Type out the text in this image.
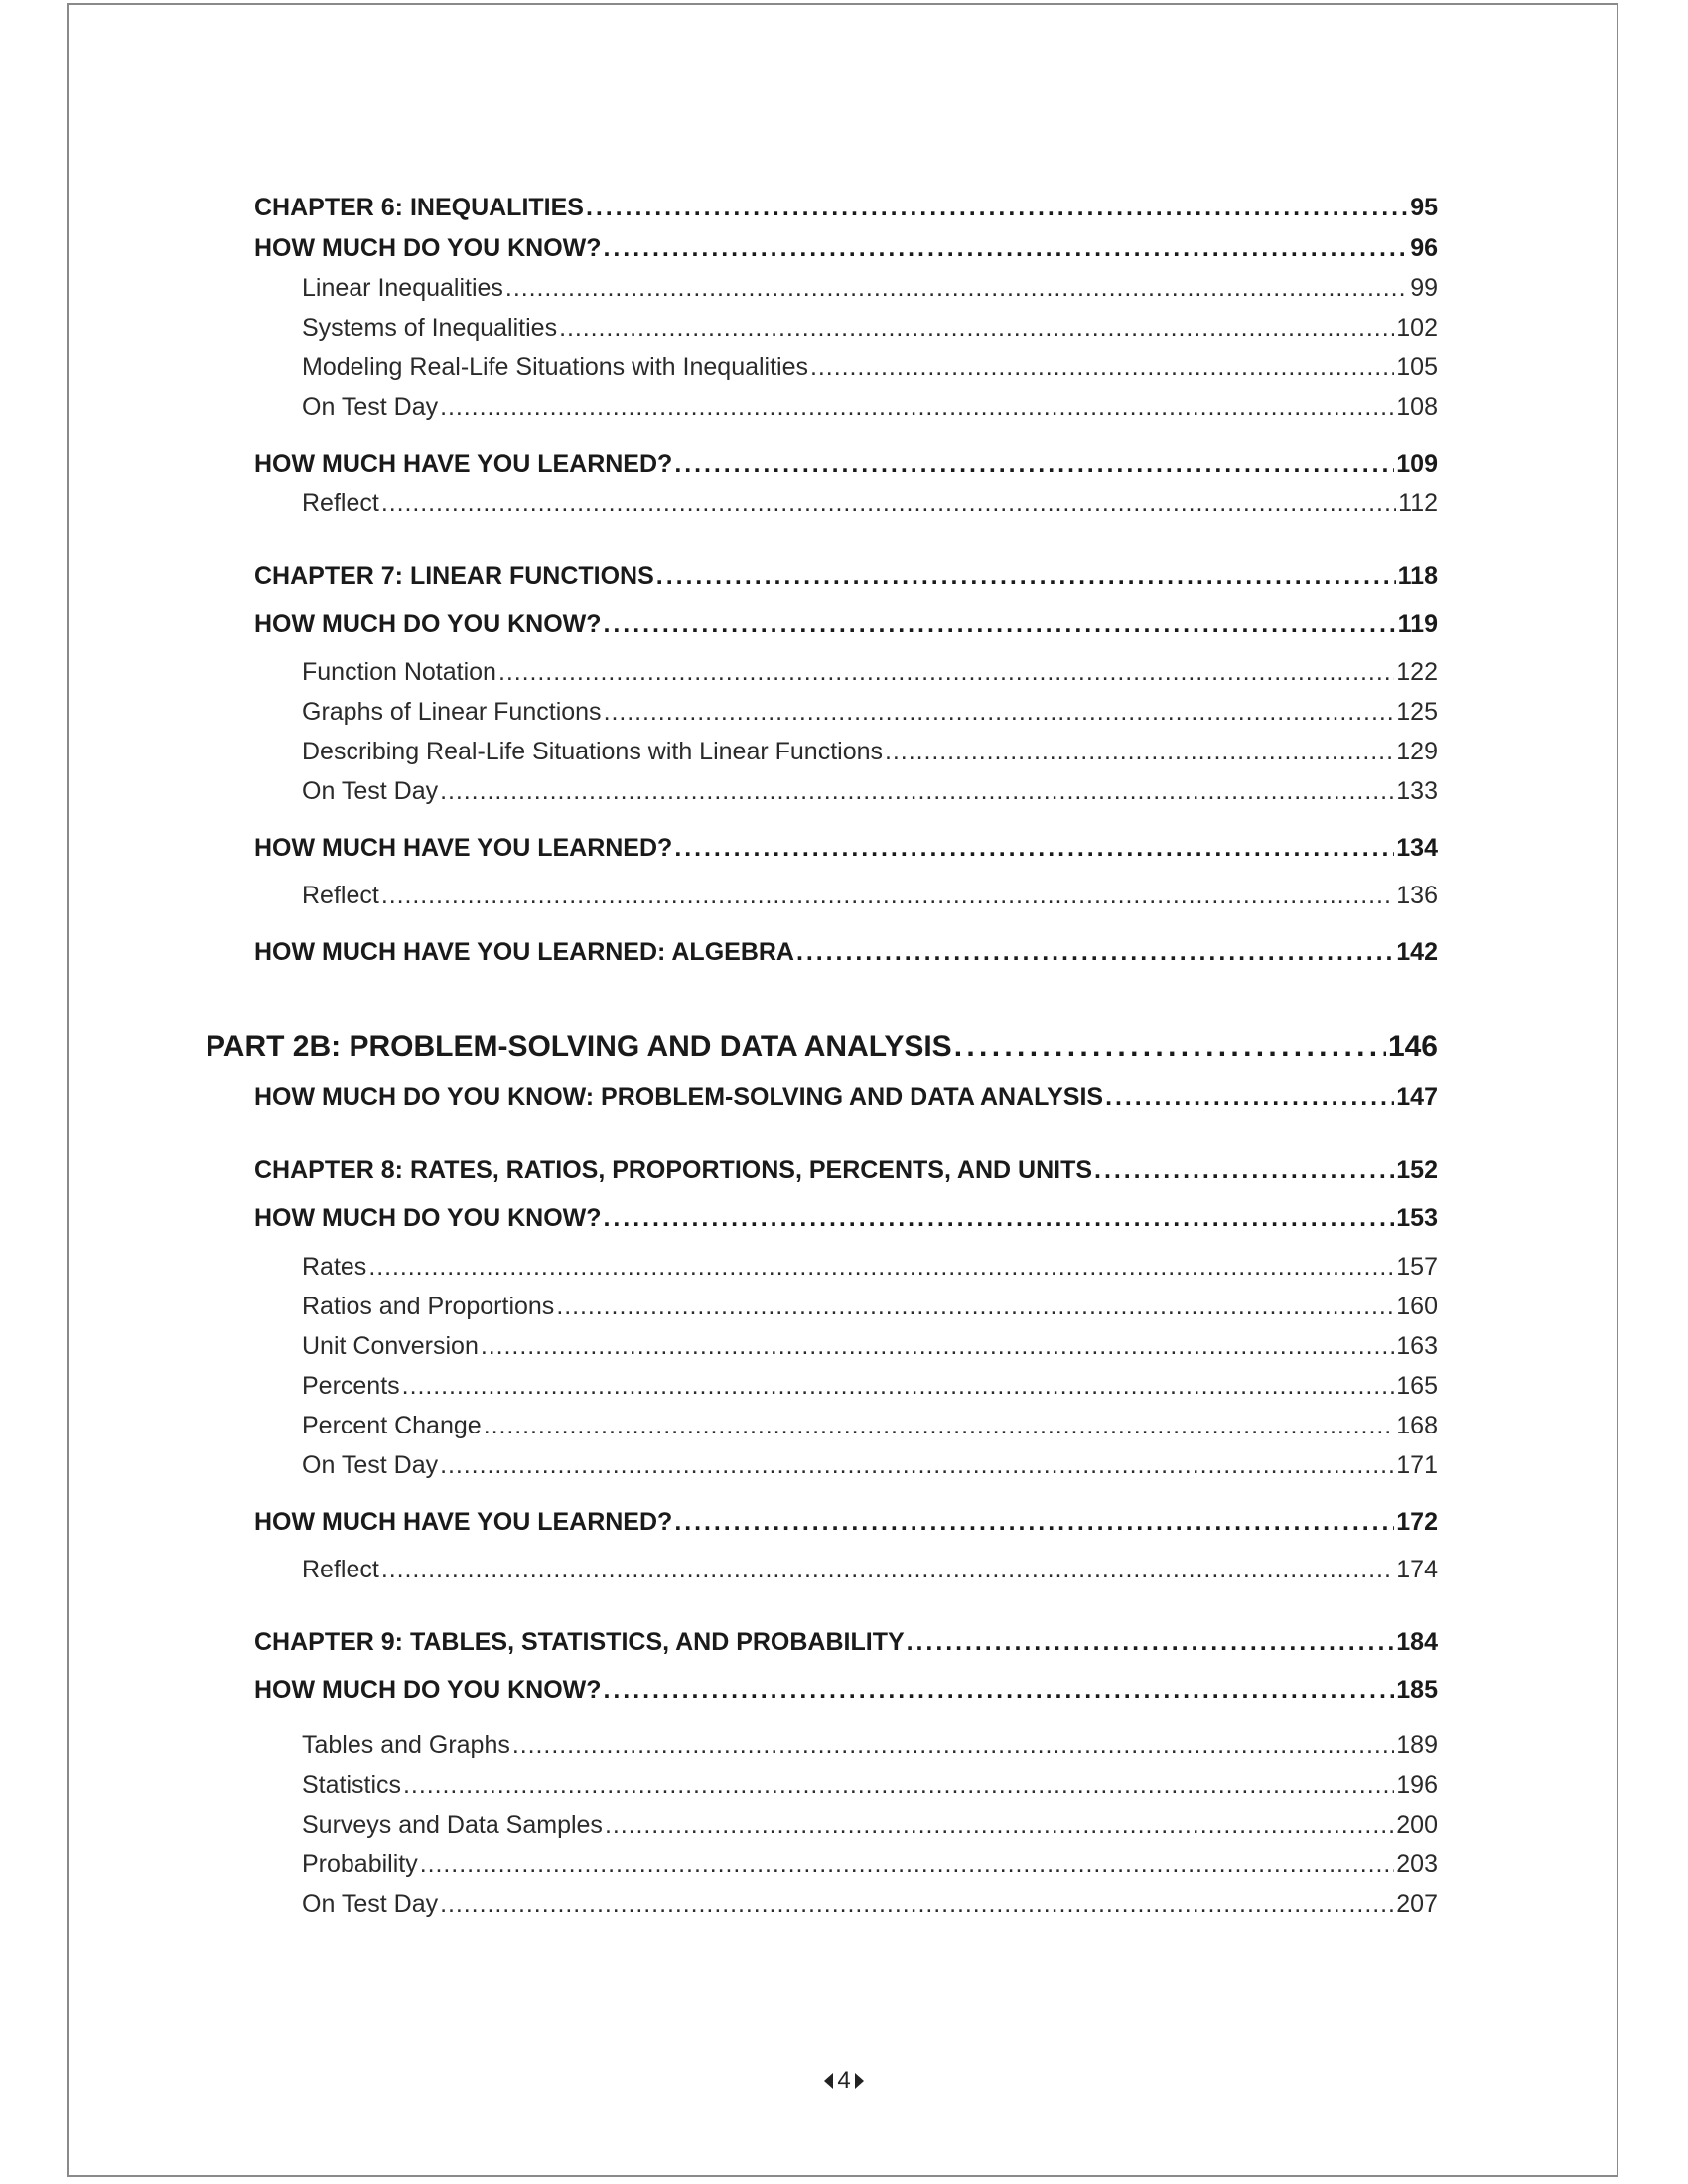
CHAPTER 6: INEQUALITIES . . .	95
HOW MUCH DO YOU KNOW? . . .	96
Linear Inequalities . . .	99
Systems of Inequalities . . .	102
Modeling Real-Life Situations with Inequalities . . .	105
On Test Day . . .	108
HOW MUCH HAVE YOU LEARNED? . . .	109
Reflect . . .	112
CHAPTER 7: LINEAR FUNCTIONS . . .	118
HOW MUCH DO YOU KNOW? . . .	119
Function Notation . . .	122
Graphs of Linear Functions . . .	125
Describing Real-Life Situations with Linear Functions . . .	129
On Test Day . . .	133
HOW MUCH HAVE YOU LEARNED? . . .	134
Reflect . . .	136
HOW MUCH HAVE YOU LEARNED: ALGEBRA . . .	142
PART 2B: PROBLEM-SOLVING AND DATA ANALYSIS . . .	146
HOW MUCH DO YOU KNOW: PROBLEM-SOLVING AND DATA ANALYSIS . . .	147
CHAPTER 8: RATES, RATIOS, PROPORTIONS, PERCENTS, AND UNITS . . .	152
HOW MUCH DO YOU KNOW? . . .	153
Rates . . .	157
Ratios and Proportions . . .	160
Unit Conversion . . .	163
Percents . . .	165
Percent Change . . .	168
On Test Day . . .	171
HOW MUCH HAVE YOU LEARNED? . . .	172
Reflect . . .	174
CHAPTER 9: TABLES, STATISTICS, AND PROBABILITY . . .	184
HOW MUCH DO YOU KNOW? . . .	185
Tables and Graphs . . .	189
Statistics . . .	196
Surveys and Data Samples . . .	200
Probability . . .	203
On Test Day . . .	207
4
